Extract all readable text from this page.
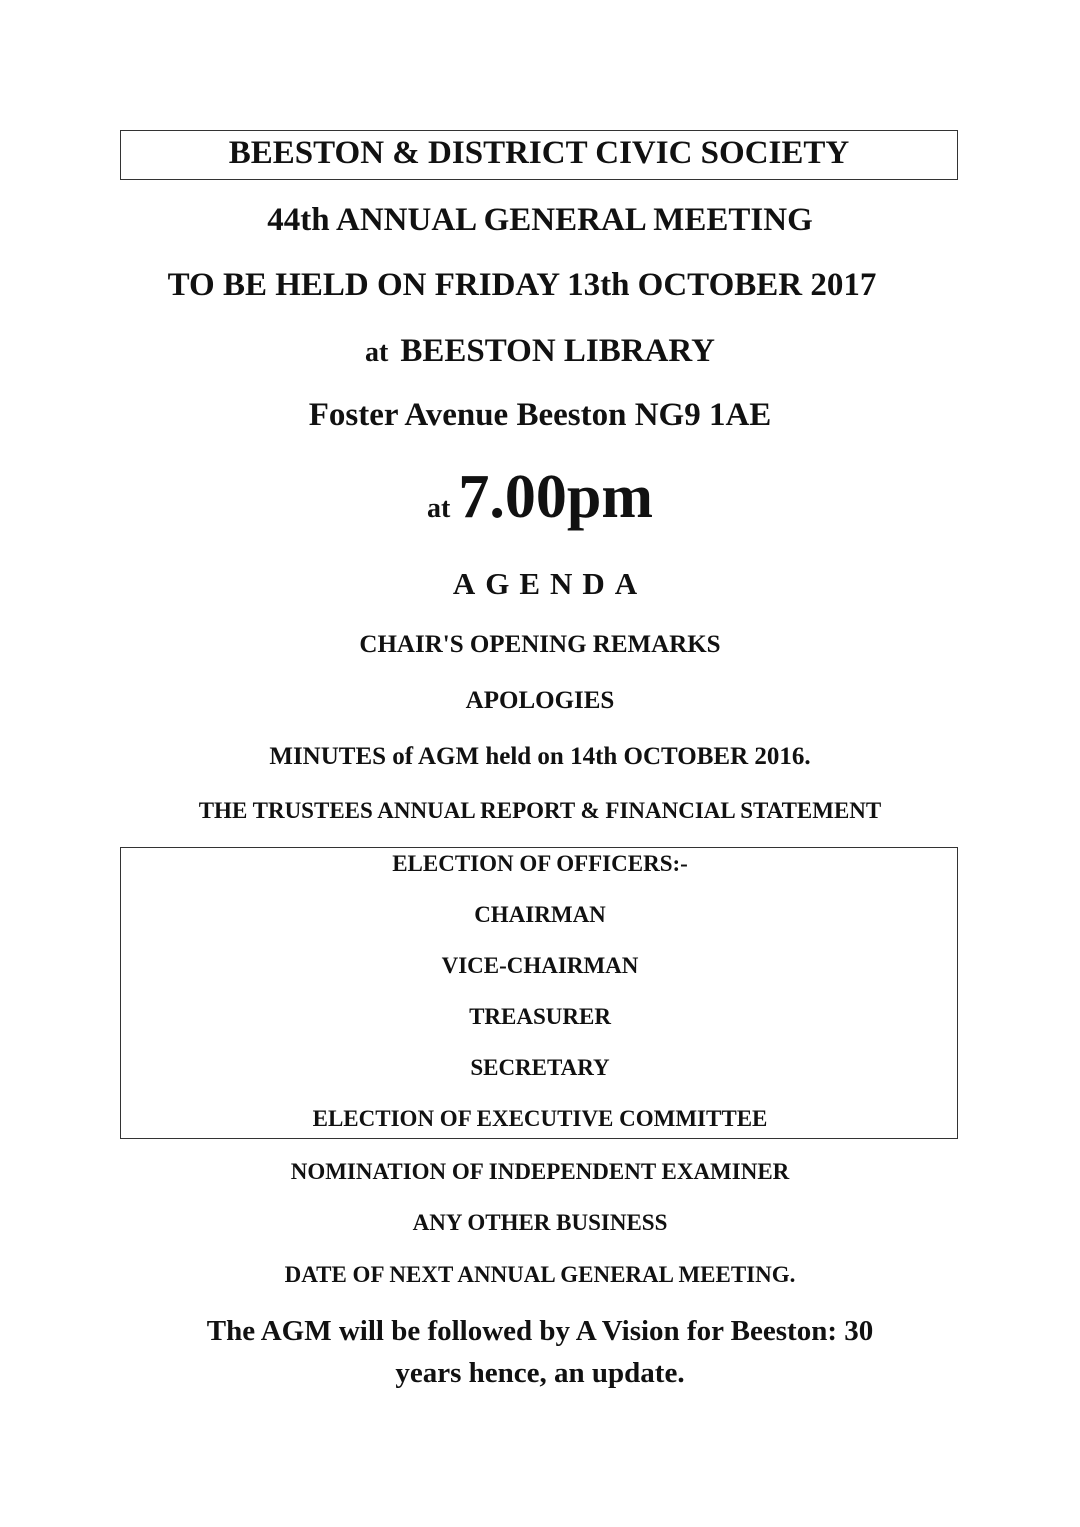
BEESTON & DISTRICT CIVIC SOCIETY
44th ANNUAL GENERAL MEETING
TO BE HELD ON FRIDAY 13th OCTOBER 2017
at BEESTON LIBRARY
Foster Avenue Beeston NG9 1AE
at 7.00pm
AGENDA
CHAIR'S OPENING REMARKS
APOLOGIES
MINUTES of AGM held on 14th OCTOBER 2016.
THE TRUSTEES ANNUAL REPORT & FINANCIAL STATEMENT
ELECTION OF OFFICERS:-
CHAIRMAN
VICE-CHAIRMAN
TREASURER
SECRETARY
ELECTION OF EXECUTIVE COMMITTEE
NOMINATION OF INDEPENDENT EXAMINER
ANY OTHER BUSINESS
DATE OF NEXT ANNUAL GENERAL MEETING.
The AGM will be followed by A Vision for Beeston: 30
years hence, an update.
